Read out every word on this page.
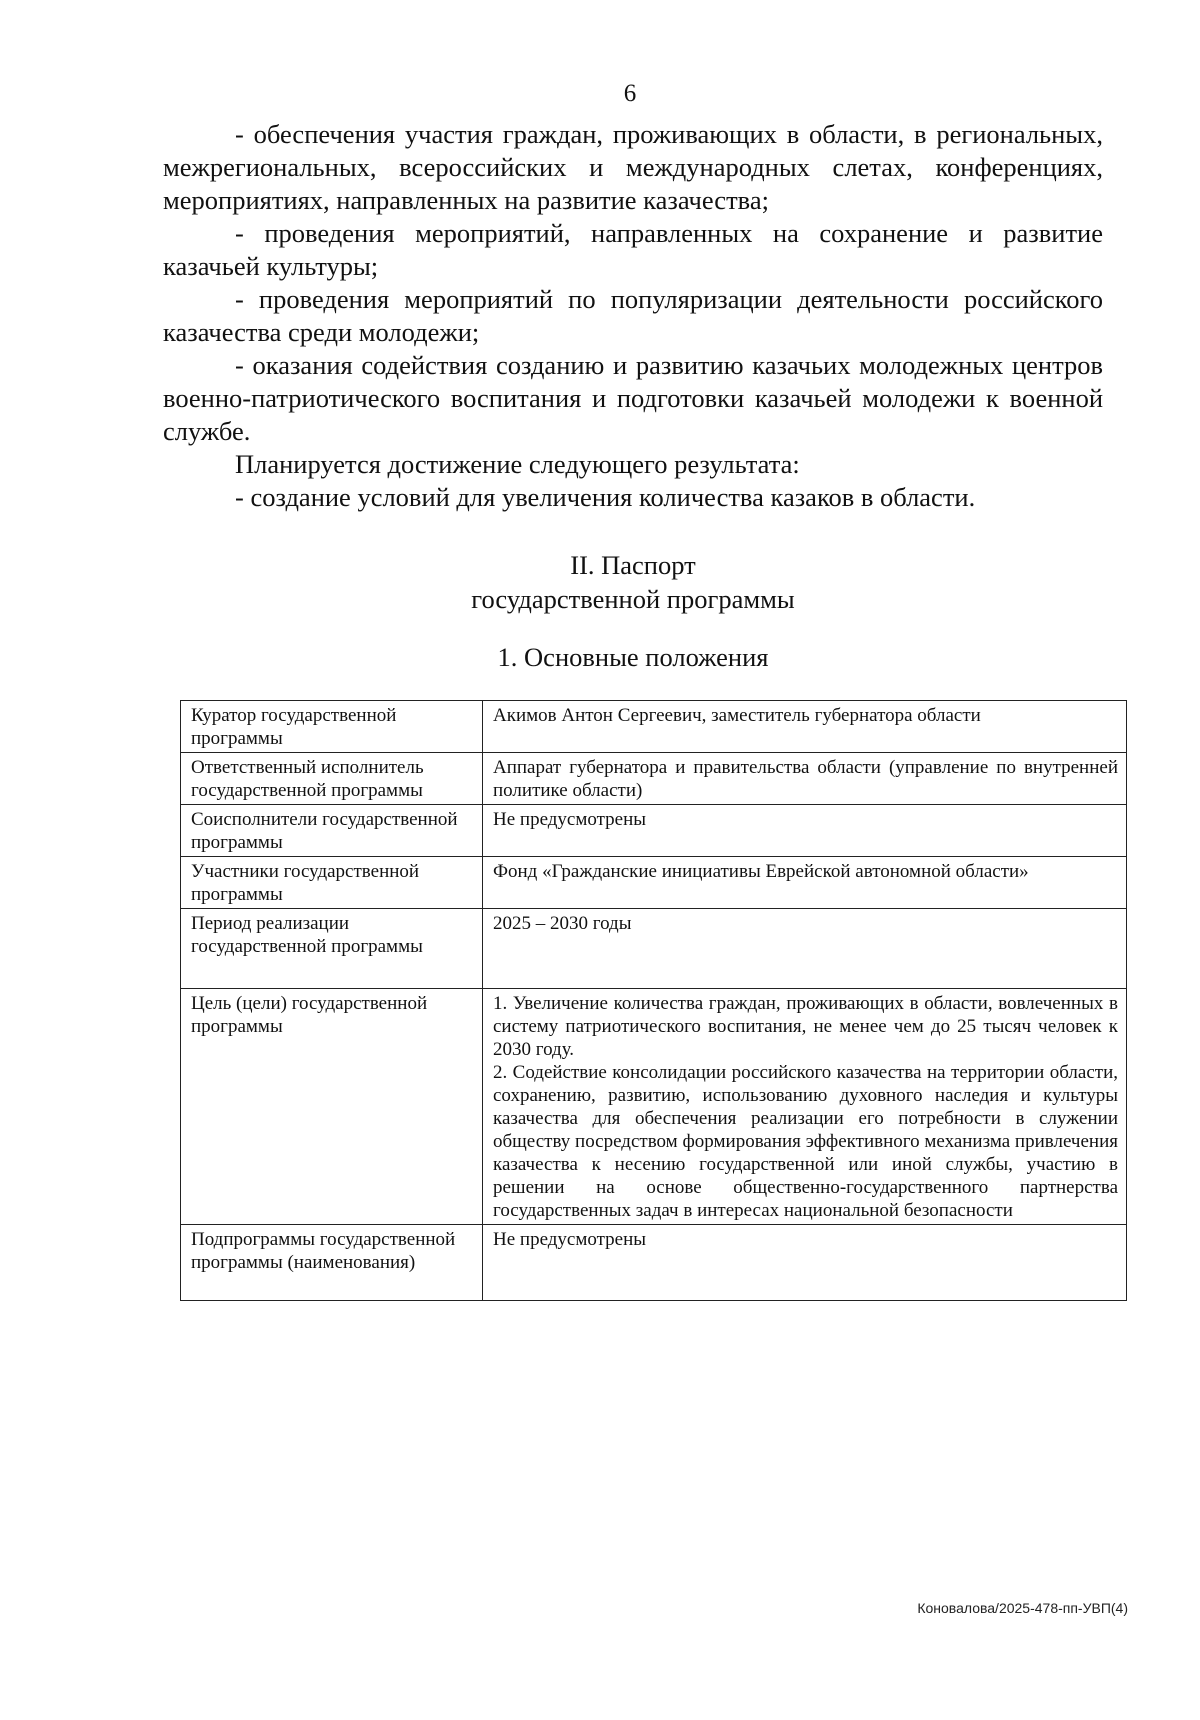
6

- обеспечения участия граждан, проживающих в области, в региональных, межрегиональных, всероссийских и международных слетах, конференциях, мероприятиях, направленных на развитие казачества;

- проведения мероприятий, направленных на сохранение и развитие казачьей культуры;

- проведения мероприятий по популяризации деятельности российского казачества среди молодежи;

- оказания содействия созданию и развитию казачьих молодежных центров военно-патриотического воспитания и подготовки казачьей молодежи к военной службе.

Планируется достижение следующего результата:

- создание условий для увеличения количества казаков в области.

II. Паспорт
государственной программы
1. Основные положения
Куратор государственной программы	Акимов Антон Сергеевич, заместитель губернатора области
Ответственный исполнитель государственной программы	Аппарат губернатора и правительства области (управление по внутренней политике области)
Соисполнители государственной программы	Не предусмотрены
Участники государственной программы	Фонд «Гражданские инициативы Еврейской автономной области»
Период реализации государственной программы	2025 – 2030 годы
Цель (цели) государственной программы	1. Увеличение количества граждан, проживающих в области, вовлеченных в систему патриотического воспитания, не менее чем до 25 тысяч человек к 2030 году.
2. Содействие консолидации российского казачества на территории области, сохранению, развитию, использованию духовного наследия и культуры казачества для обеспечения реализации его потребности в служении обществу посредством формирования эффективного механизма привлечения казачества к несению государственной или иной службы, участию в решении на основе общественно-государственного партнерства государственных задач в интересах национальной безопасности

Подпрограммы государственной программы (наименования)	Не предусмотрены
Коновалова/2025-478-пп-УВП(4)
